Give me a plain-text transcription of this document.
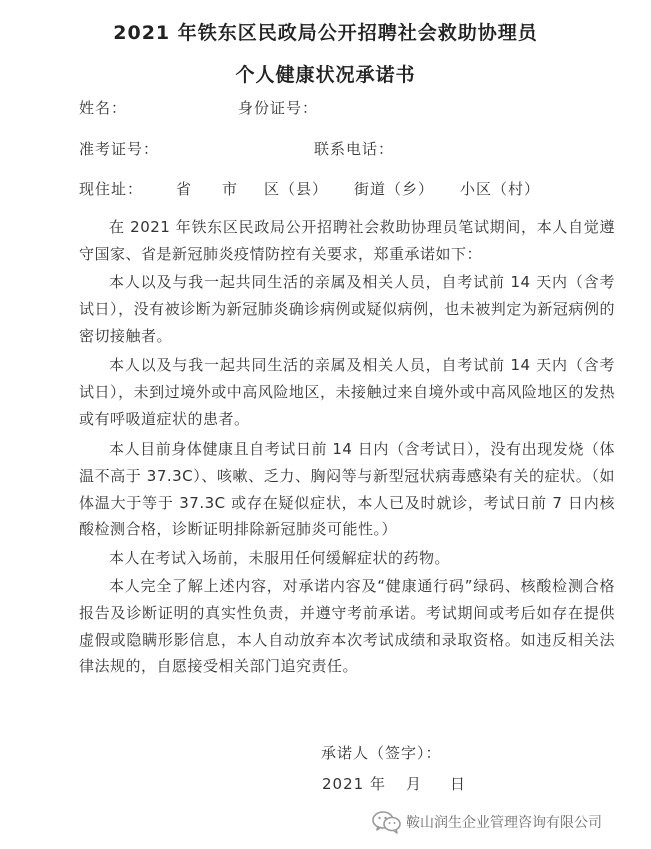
2021 年铁东区民政局公开招聘社会救助协理员
个人健康状况承诺书
姓名：	身份证号：
准考证号：	联系电话：
现住址： 省 市 区（县） 街道（乡） 小区（村）
在 2021 年铁东区民政局公开招聘社会救助协理员笔试期间，本人自觉遵守国家、省是新冠肺炎疫情防控有关要求，郑重承诺如下：
本人以及与我一起共同生活的亲属及相关人员，自考试前 14 天内（含考试日），没有被诊断为新冠肺炎确诊病例或疑似病例，也未被判定为新冠病例的密切接触者。
本人以及与我一起共同生活的亲属及相关人员，自考试前 14 天内（含考试日），未到过境外或中高风险地区，未接触过来自境外或中高风险地区的发热或有呼吸道症状的患者。
本人目前身体健康且自考试日前 14 日内（含考试日），没有出现发烧（体温不高于 37.3C）、咳嗽、乏力、胸闷等与新型冠状病毒感染有关的症状。（如体温大于等于 37.3C 或存在疑似症状，本人已及时就诊，考试日前 7 日内核酸检测合格，诊断证明排除新冠肺炎可能性。）
本人在考试入场前，未服用任何缓解症状的药物。
本人完全了解上述内容，对承诺内容及“健康通行码”绿码、核酸检测合格报告及诊断证明的真实性负责，并遵守考前承诺。考试期间或考后如存在提供虚假或隐瞒形影信息，本人自动放弃本次考试成绩和录取资格。如违反相关法律法规的，自愿接受相关部门追究责任。
承诺人（签字）：
2021 年 月 日
鞍山润生企业管理咨询有限公司
